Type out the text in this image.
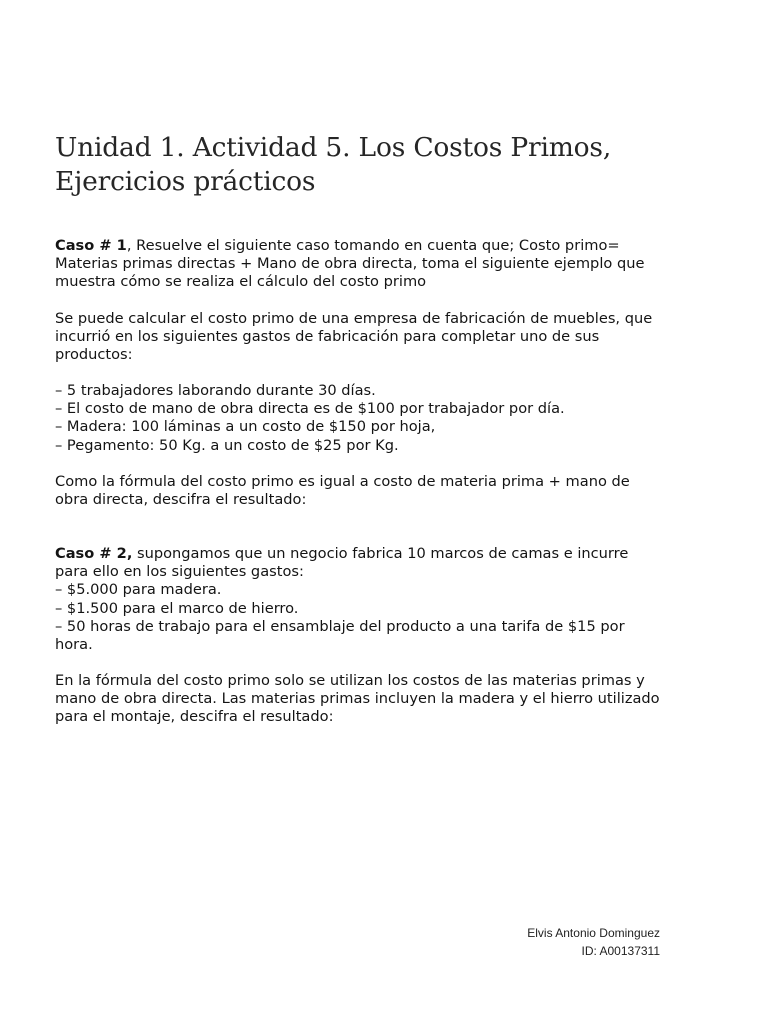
Unidad 1. Actividad 5. Los Costos Primos,
Ejercicios prácticos

Caso # 1, Resuelve el siguiente caso tomando en cuenta que; Costo primo= Materias primas directas + Mano de obra directa, toma el siguiente ejemplo que muestra cómo se realiza el cálculo del costo primo

Se puede calcular el costo primo de una empresa de fabricación de muebles, que incurrió en los siguientes gastos de fabricación para completar uno de sus productos:

– 5 trabajadores laborando durante 30 días.

– El costo de mano de obra directa es de $100 por trabajador por día.

– Madera: 100 láminas a un costo de $150 por hoja,

– Pegamento: 50 Kg. a un costo de $25 por Kg.

Como la fórmula del costo primo es igual a costo de materia prima + mano de obra directa, descifra el resultado:

Caso # 2, supongamos que un negocio fabrica 10 marcos de camas e incurre para ello en los siguientes gastos:

– $5.000 para madera.

– $1.500 para el marco de hierro.

– 50 horas de trabajo para el ensamblaje del producto a una tarifa de $15 por hora.

En la fórmula del costo primo solo se utilizan los costos de las materias primas y mano de obra directa. Las materias primas incluyen la madera y el hierro utilizado para el montaje, descifra el resultado:

Elvis Antonio Dominguez
ID: A00137311
